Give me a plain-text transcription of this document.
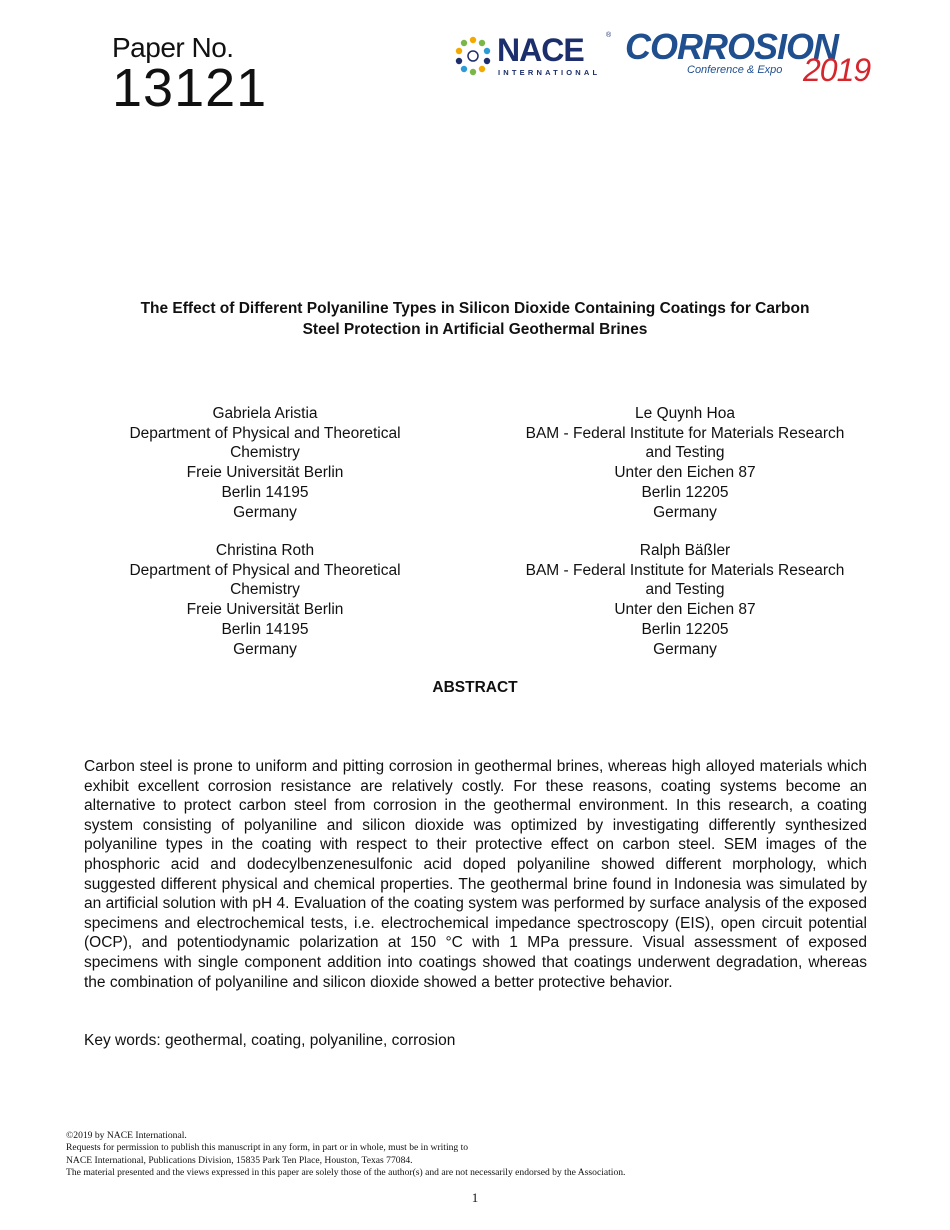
Paper No.
13121
NACE	®
INTERNATIONAL
CORROSION
Conference & Expo 2019
The Effect of Different Polyaniline Types in Silicon Dioxide Containing Coatings for Carbon
Steel Protection in Artificial Geothermal Brines
Gabriela Aristia
Department of Physical and Theoretical
Chemistry
Freie Universität Berlin
Berlin 14195
Germany
Le Quynh Hoa
BAM - Federal Institute for Materials Research
and Testing
Unter den Eichen 87
Berlin 12205
Germany
Christina Roth
Department of Physical and Theoretical
Chemistry
Freie Universität Berlin
Berlin 14195
Germany
Ralph Bäßler
BAM - Federal Institute for Materials Research
and Testing
Unter den Eichen 87
Berlin 12205
Germany
ABSTRACT

Carbon steel is prone to uniform and pitting corrosion in geothermal brines, whereas high alloyed materials which exhibit excellent corrosion resistance are relatively costly. For these reasons, coating systems become an alternative to protect carbon steel from corrosion in the geothermal environment. In this research, a coating system consisting of polyaniline and silicon dioxide was optimized by investigating differently synthesized polyaniline types in the coating with respect to their protective effect on carbon steel. SEM images of the phosphoric acid and dodecylbenzenesulfonic acid doped polyaniline showed different morphology, which suggested different physical and chemical properties. The geothermal brine found in Indonesia was simulated by an artificial solution with pH 4. Evaluation of the coating system was performed by surface analysis of the exposed specimens and electrochemical tests, i.e. electrochemical impedance spectroscopy (EIS), open circuit potential (OCP), and potentiodynamic polarization at 150 °C with 1 MPa pressure. Visual assessment of exposed specimens with single component addition into coatings showed that coatings underwent degradation, whereas the combination of polyaniline and silicon dioxide showed a better protective behavior.

Key words: geothermal, coating, polyaniline, corrosion

©2019 by NACE International.
Requests for permission to publish this manuscript in any form, in part or in whole, must be in writing to
NACE International, Publications Division, 15835 Park Ten Place, Houston, Texas 77084.
The material presented and the views expressed in this paper are solely those of the author(s) and are not necessarily endorsed by the Association.
1
